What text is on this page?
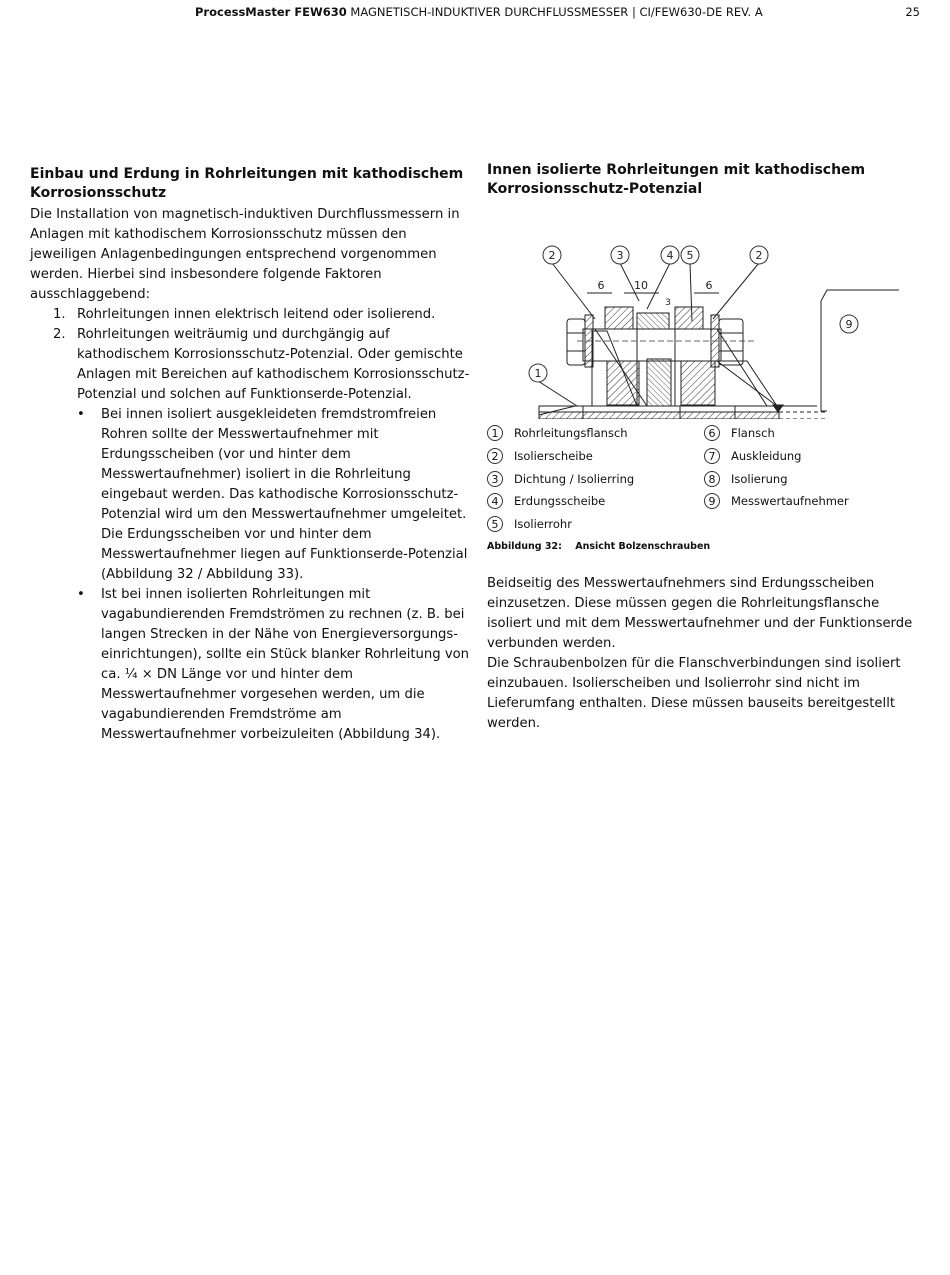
ProcessMaster FEW630 MAGNETISCH-INDUKTIVER DURCHFLUSSMESSER | CI/FEW630-DE REV. A	25
Einbau und Erdung in Rohrleitungen mit kathodischem Korrosionsschutz

Die Installation von magnetisch-induktiven Durchflussmessern in Anlagen mit kathodischem Korrosionsschutz müssen den jeweiligen Anlagenbedingungen entsprechend vorgenommen werden. Hierbei sind insbesondere folgende Faktoren ausschlaggebend:

1. Rohrleitungen innen elektrisch leitend oder isolierend.
2. Rohrleitungen weiträumig und durchgängig auf kathodischem Korrosionsschutz-Potenzial. Oder gemischte Anlagen mit Bereichen auf kathodischem Korrosionsschutz-Potenzial und solchen auf Funktionserde-Potenzial.
• Bei innen isoliert ausgekleideten fremdstromfreien Rohren sollte der Messwertaufnehmer mit Erdungsscheiben (vor und hinter dem Messwertaufnehmer) isoliert in die Rohrleitung eingebaut werden. Das kathodische Korrosionsschutz-Potenzial wird um den Messwertaufnehmer umgeleitet. Die Erdungsscheiben vor und hinter dem Messwertaufnehmer liegen auf Funktionserde-Potenzial (Abbildung 32 / Abbildung 33).
• Ist bei innen isolierten Rohrleitungen mit vagabundierenden Fremdströmen zu rechnen (z. B. bei langen Strecken in der Nähe von Energieversorgungs- einrichtungen), sollte ein Stück blanker Rohrleitung von ca. ¼ × DN Länge vor und hinter dem Messwertaufnehmer vorgesehen werden, um die vagabundierenden Fremdströme am Messwertaufnehmer vorbeizuleiten (Abbildung 34).
Innen isolierte Rohrleitungen mit kathodischem Korrosionsschutz-Potenzial
2	3	4 5	2
9
1
6	10	6
3
1	Rohrleitungsflansch
2	Isolierscheibe
3	Dichtung / Isolierring
4	Erdungsscheibe
5	Isolierrohr
6	Flansch
7	Auskleidung
8	Isolierung
9	Messwertaufnehmer
Abbildung 32: Ansicht Bolzenschrauben

Beidseitig des Messwertaufnehmers sind Erdungsscheiben einzusetzen. Diese müssen gegen die Rohrleitungsflansche isoliert und mit dem Messwertaufnehmer und der Funktionserde verbunden werden.

Die Schraubenbolzen für die Flanschverbindungen sind isoliert einzubauen. Isolierscheiben und Isolierrohr sind nicht im Lieferumfang enthalten. Diese müssen bauseits bereitgestellt werden.
